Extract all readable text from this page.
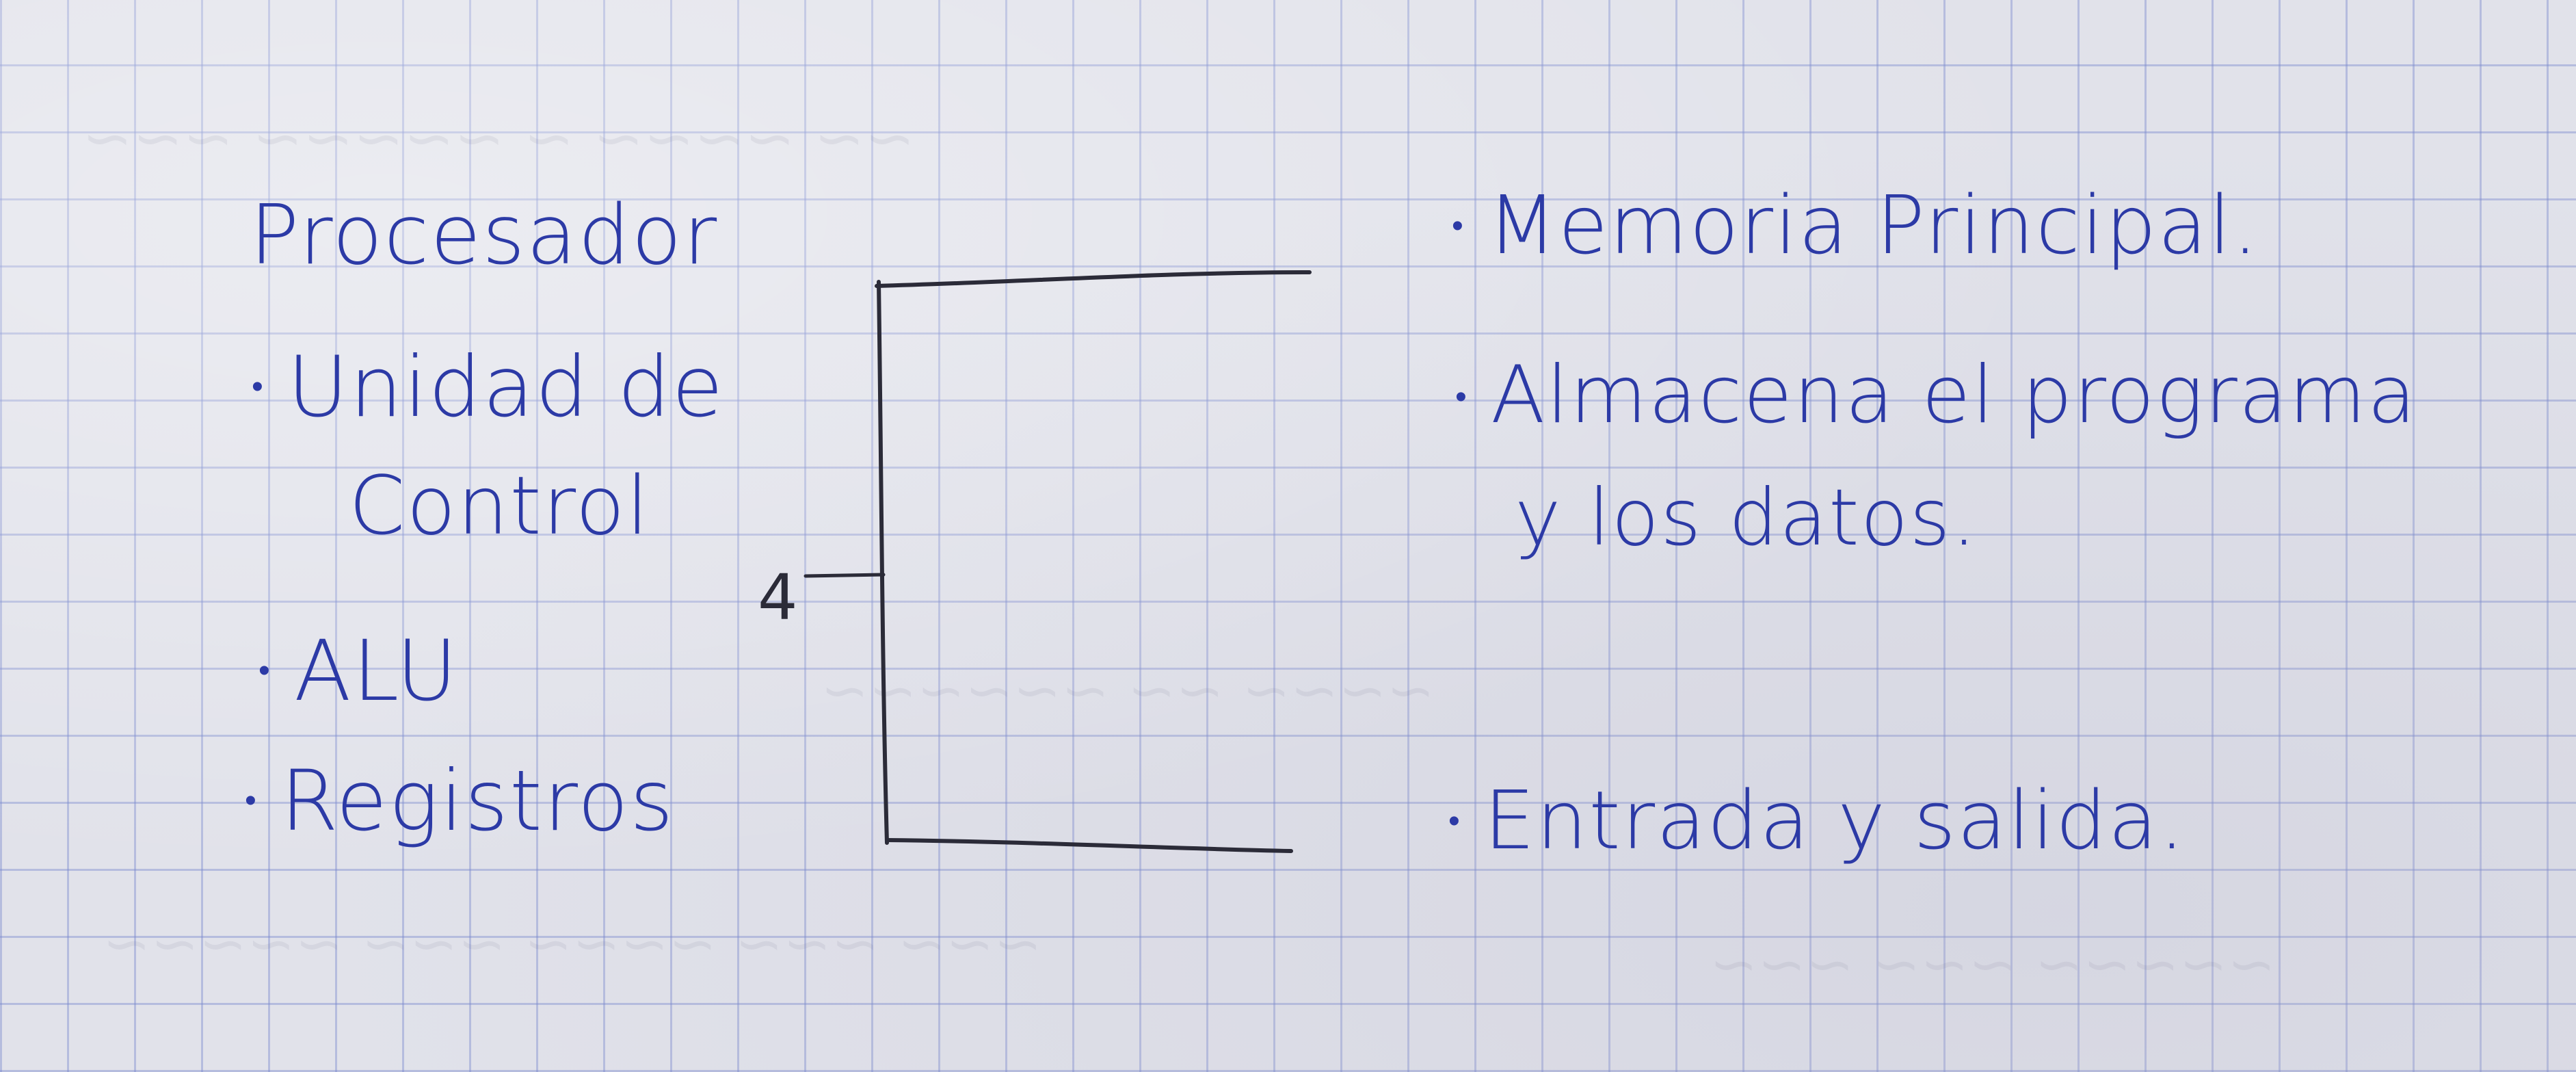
~~ ~~~~ ~ ~~~~~ ~~~
~~~~ ~~ ~~~~~~
~~~ ~~~ ~~~~ ~~~ ~~~~~	~~~~~ ~~~ ~~~

Procesador

• Unidad de

Control

• ALU

• Registros

4

• Memoria Principal.

• Almacena el programa

y los datos.

• Entrada y salida.
